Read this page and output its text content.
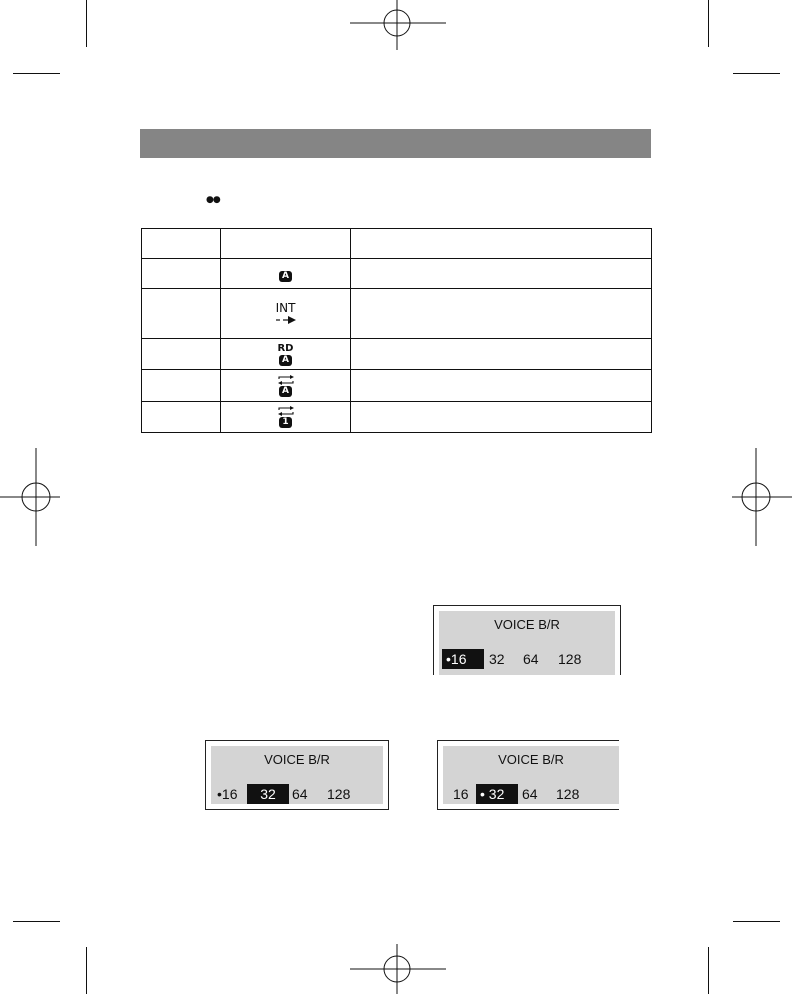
●●

	A	

	INT	

	RD
A	

	A	

	1	

VOICE B/R
•16	32 64 128
VOICE B/R
•16	32	64 128
VOICE B/R
16 • 32	64 128
